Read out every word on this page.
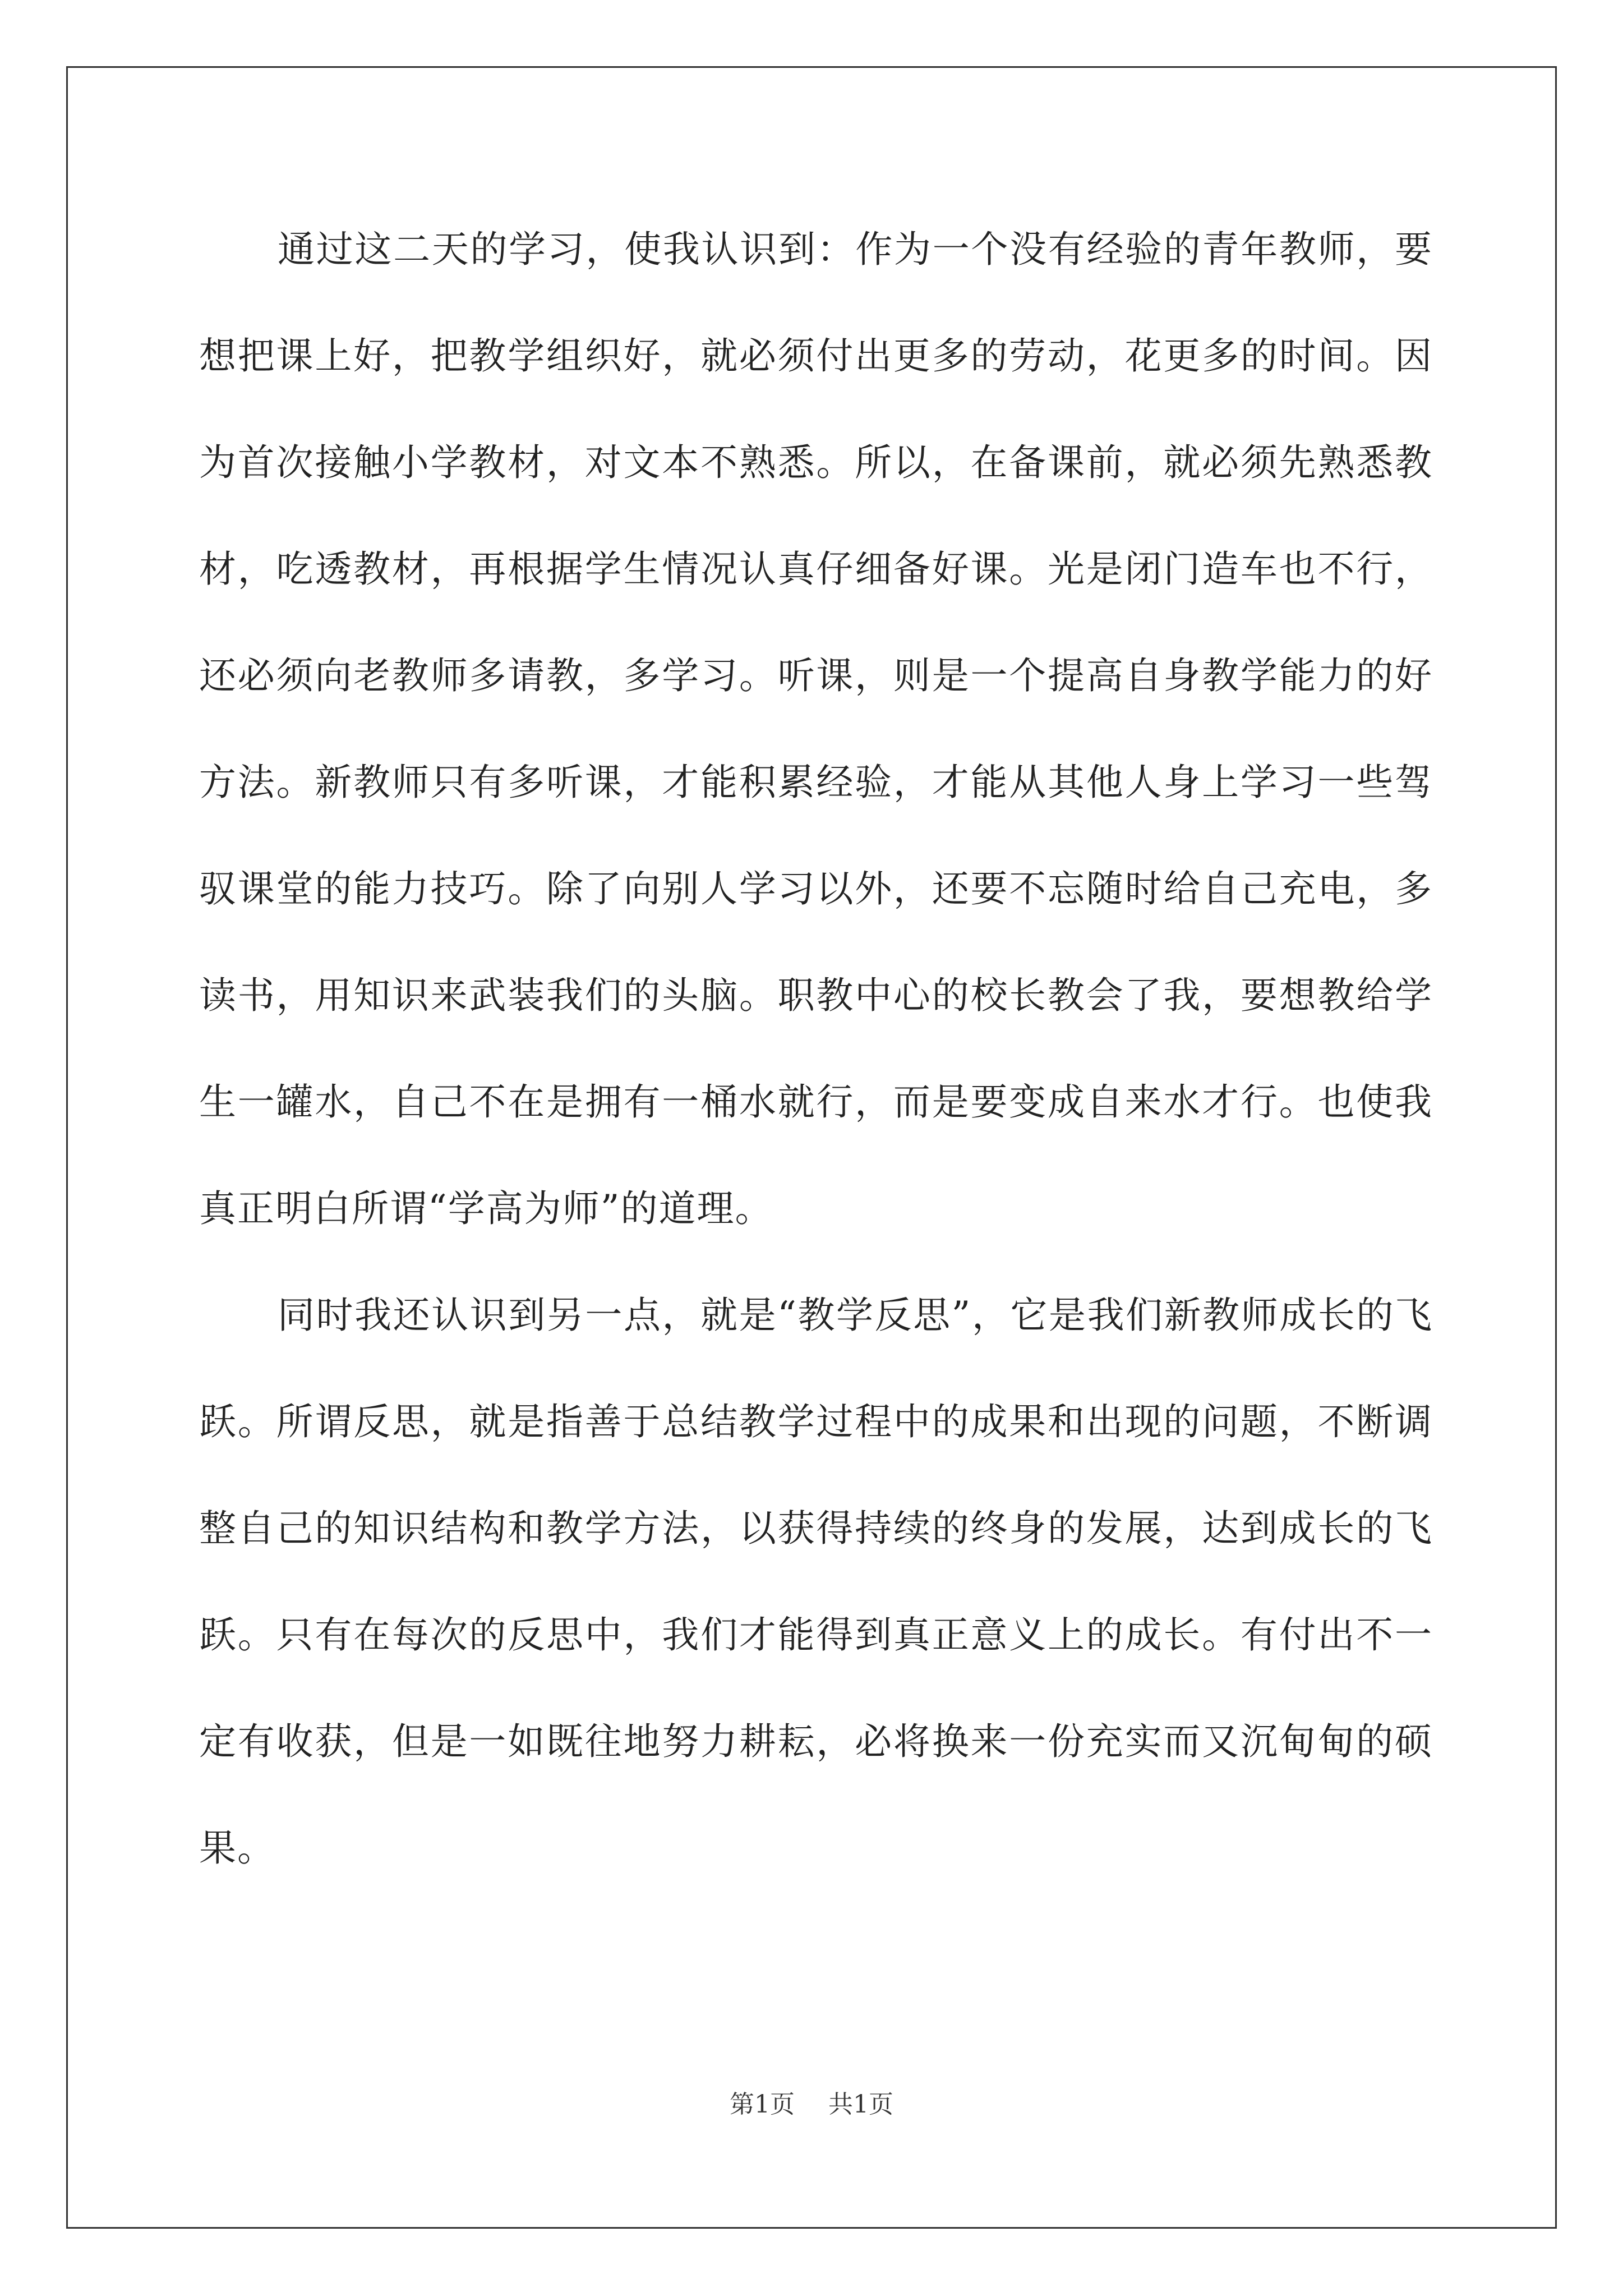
通过这二天的学习，使我认识到：作为一个没有经验的青年教师，要想把课上好，把教学组织好，就必须付出更多的劳动，花更多的时间。因为首次接触小学教材，对文本不熟悉。所以，在备课前，就必须先熟悉教材，吃透教材，再根据学生情况认真仔细备好课。光是闭门造车也不行，还必须向老教师多请教，多学习。听课，则是一个提高自身教学能力的好方法。新教师只有多听课，才能积累经验，才能从其他人身上学习一些驾驭课堂的能力技巧。除了向别人学习以外，还要不忘随时给自己充电，多读书，用知识来武装我们的头脑。职教中心的校长教会了我，要想教给学生一罐水，自己不在是拥有一桶水就行，而是要变成自来水才行。也使我真正明白所谓“学高为师”的道理。

同时我还认识到另一点，就是“教学反思”，它是我们新教师成长的飞跃。所谓反思，就是指善于总结教学过程中的成果和出现的问题，不断调整自己的知识结构和教学方法，以获得持续的终身的发展，达到成长的飞跃。只有在每次的反思中，我们才能得到真正意义上的成长。有付出不一定有收获，但是一如既往地努力耕耘，必将换来一份充实而又沉甸甸的硕果。

第1页 共1页
